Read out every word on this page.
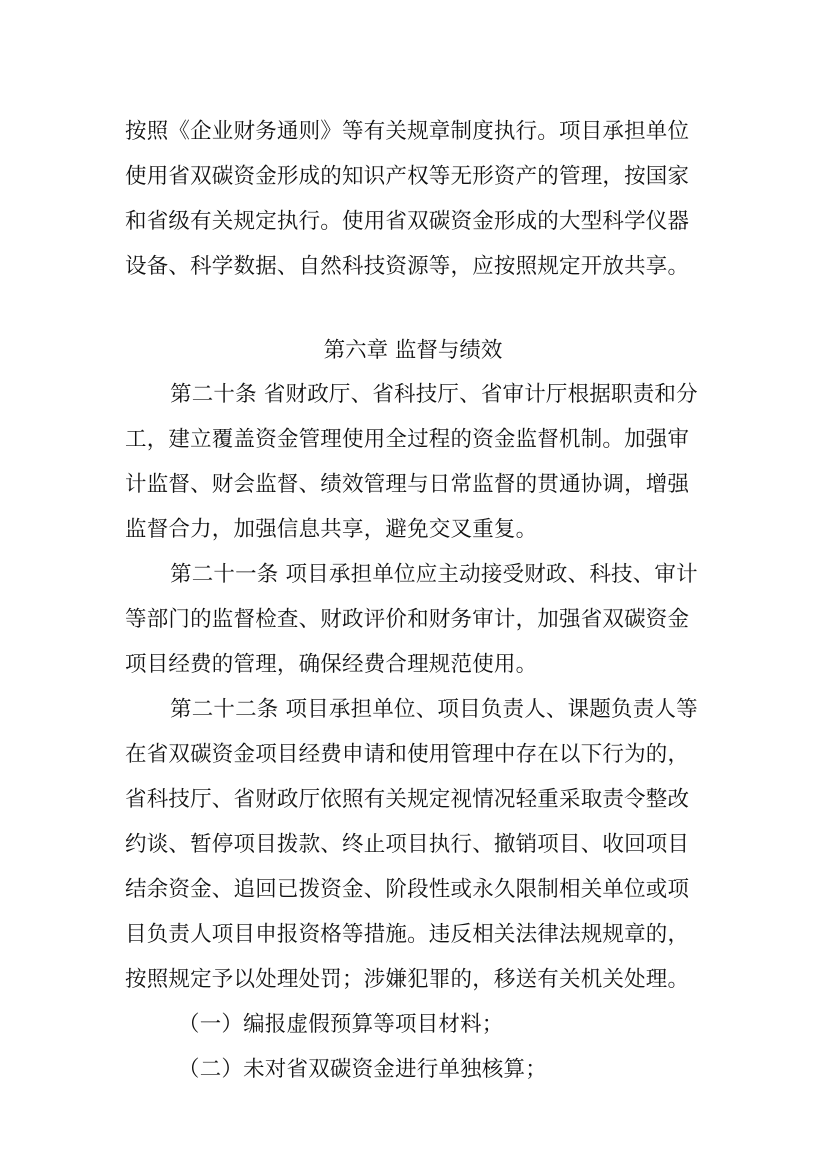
按照《企业财务通则》等有关规章制度执行。项目承担单位
使用省双碳资金形成的知识产权等无形资产的管理，按国家
和省级有关规定执行。使用省双碳资金形成的大型科学仪器
设备、科学数据、自然科技资源等，应按照规定开放共享。
第六章 监督与绩效
第二十条 省财政厅、省科技厅、省审计厅根据职责和分
工，建立覆盖资金管理使用全过程的资金监督机制。加强审
计监督、财会监督、绩效管理与日常监督的贯通协调，增强
监督合力，加强信息共享，避免交叉重复。
第二十一条 项目承担单位应主动接受财政、科技、审计
等部门的监督检查、财政评价和财务审计，加强省双碳资金
项目经费的管理，确保经费合理规范使用。
第二十二条 项目承担单位、项目负责人、课题负责人等
在省双碳资金项目经费申请和使用管理中存在以下行为的，
省科技厅、省财政厅依照有关规定视情况轻重采取责令整改
约谈、暂停项目拨款、终止项目执行、撤销项目、收回项目
结余资金、追回已拨资金、阶段性或永久限制相关单位或项
目负责人项目申报资格等措施。违反相关法律法规规章的，
按照规定予以处理处罚；涉嫌犯罪的，移送有关机关处理。
（一）编报虚假预算等项目材料；
（二）未对省双碳资金进行单独核算；
